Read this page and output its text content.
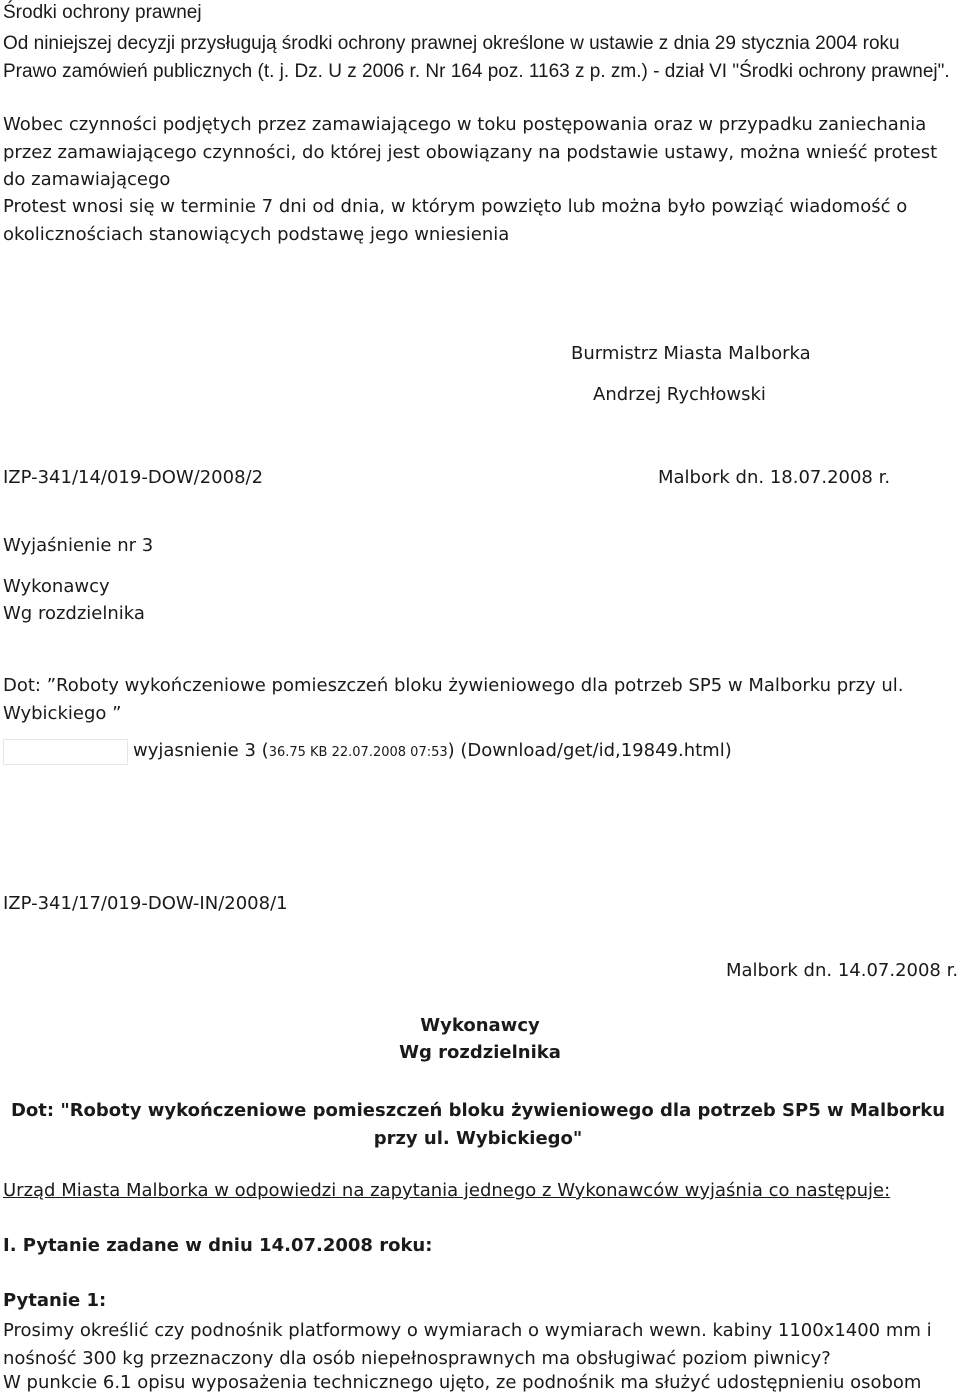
Środki ochrony prawnej

Od niniejszej decyzji przysługują środki ochrony prawnej określone w ustawie z dnia 29 stycznia 2004 roku Prawo zamówień publicznych (t. j. Dz. U z 2006 r. Nr 164 poz. 1163 z p. zm.) - dział VI "Środki ochrony prawnej".

Wobec czynności podjętych przez zamawiającego w toku postępowania oraz w przypadku zaniechania przez zamawiającego czynności, do której jest obowiązany na podstawie ustawy, można wnieść protest do zamawiającego

Protest wnosi się w terminie 7 dni od dnia, w którym powzięto lub można było powziąć wiadomość o okolicznościach stanowiących podstawę jego wniesienia

Burmistrz Miasta Malborka
Andrzej Rychłowski
IZP-341/14/019-DOW/2008/2	Malbork dn. 18.07.2008 r.
Wyjaśnienie nr 3
Wykonawcy
Wg rozdzielnika

Dot: ”Roboty wykończeniowe pomieszczeń bloku żywieniowego dla potrzeb SP5 w Malborku przy ul. Wybickiego ”

wyjasnienie 3 (36.75 KB 22.07.2008 07:53) (Download/get/id,19849.html)
IZP-341/17/019-DOW-IN/2008/1
Malbork dn. 14.07.2008 r.
Wykonawcy
Wg rozdzielnika

Dot: "Roboty wykończeniowe pomieszczeń bloku żywieniowego dla potrzeb SP5 w Malborku przy ul. Wybickiego"

Urząd Miasta Malborka w odpowiedzi na zapytania jednego z Wykonawców wyjaśnia co następuje:
I. Pytanie zadane w dniu 14.07.2008 roku:
Pytanie 1:

Prosimy określić czy podnośnik platformowy o wymiarach o wymiarach wewn. kabiny 1100x1400 mm i nośność 300 kg przeznaczony dla osób niepełnosprawnych ma obsługiwać poziom piwnicy?

W punkcie 6.1 opisu wyposażenia technicznego ujęto, ze podnośnik ma służyć udostępnieniu osobom
